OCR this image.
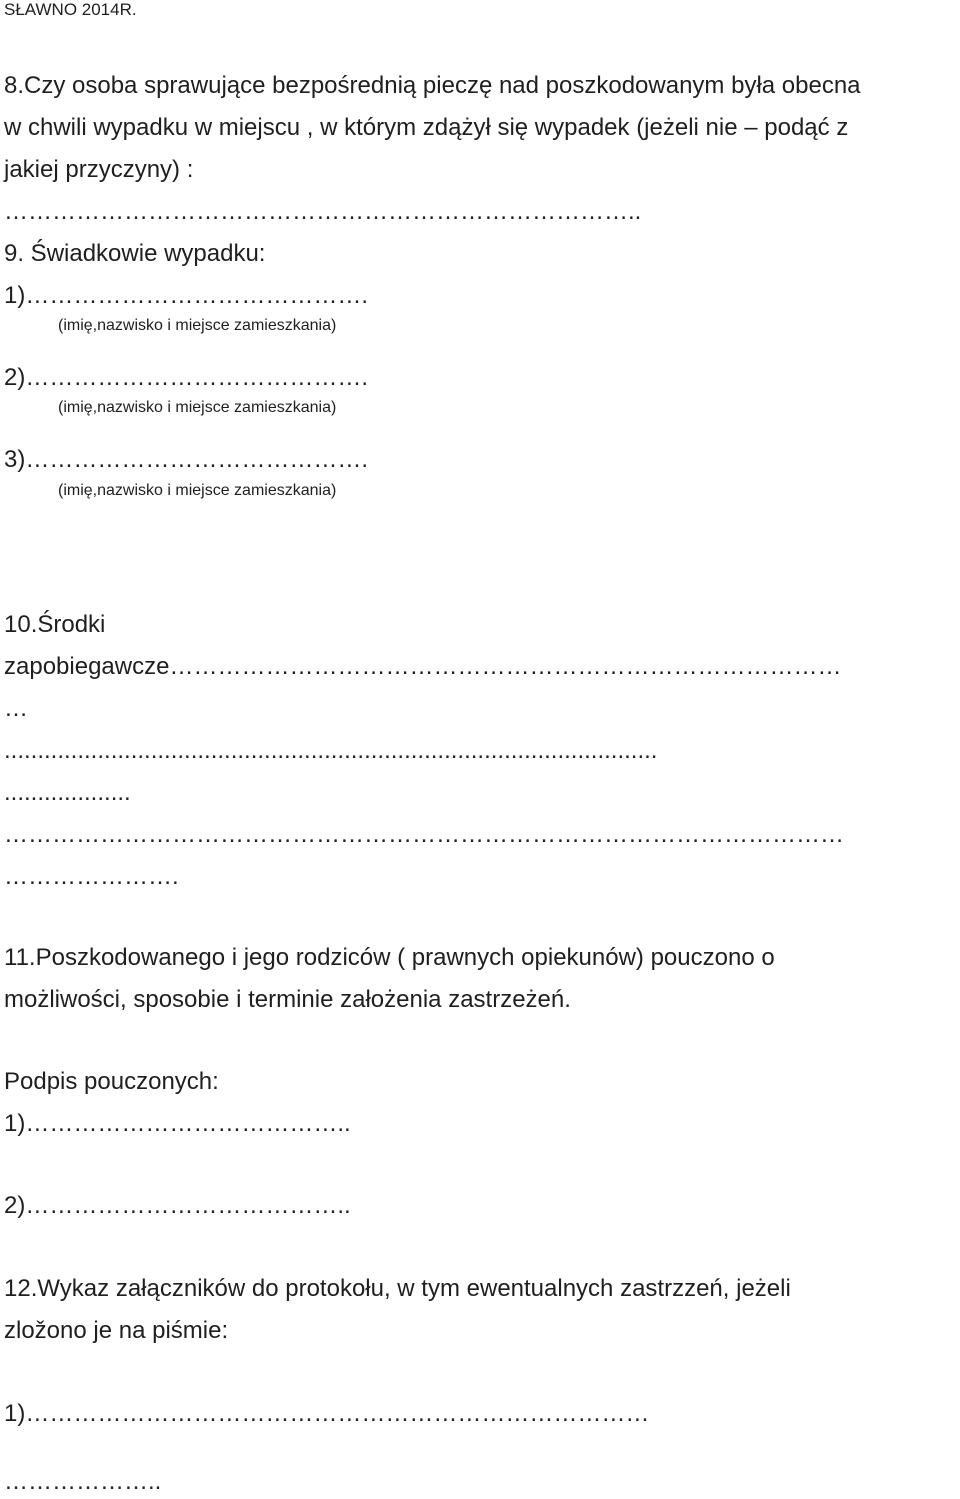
SŁAWNO 2014R.
8.Czy osoba sprawujące bezpośrednią pieczę nad poszkodowanym była obecna
w chwili wypadku w miejscu , w którym zdążył się wypadek (jeżeli nie – podąć z
jakiej przyczyny) :
……………………………………………………………………..
9. Świadkowie wypadku:
1)…………………………………….
(imię,nazwisko i miejsce zamieszkania)
2)…………………………………….
(imię,nazwisko i miejsce zamieszkania)
3)…………………………………….
(imię,nazwisko i miejsce zamieszkania)
10.Środki
zapobiegawcze…………………………………………………………………………
…
..................................................................................................
...................
……………………………………………………………………………………………
………………….
11.Poszkodowanego i jego rodziców ( prawnych opiekunów) pouczono o
możliwości, sposobie i terminie założenia zastrzeżeń.
Podpis pouczonych:
1)…………………………………..
2)…………………………………..
12.Wykaz załączników do protokołu, w tym ewentualnych zastrzzeń, jeżeli
zložono je na piśmie:
1)……………………………………………………………………
………………..
